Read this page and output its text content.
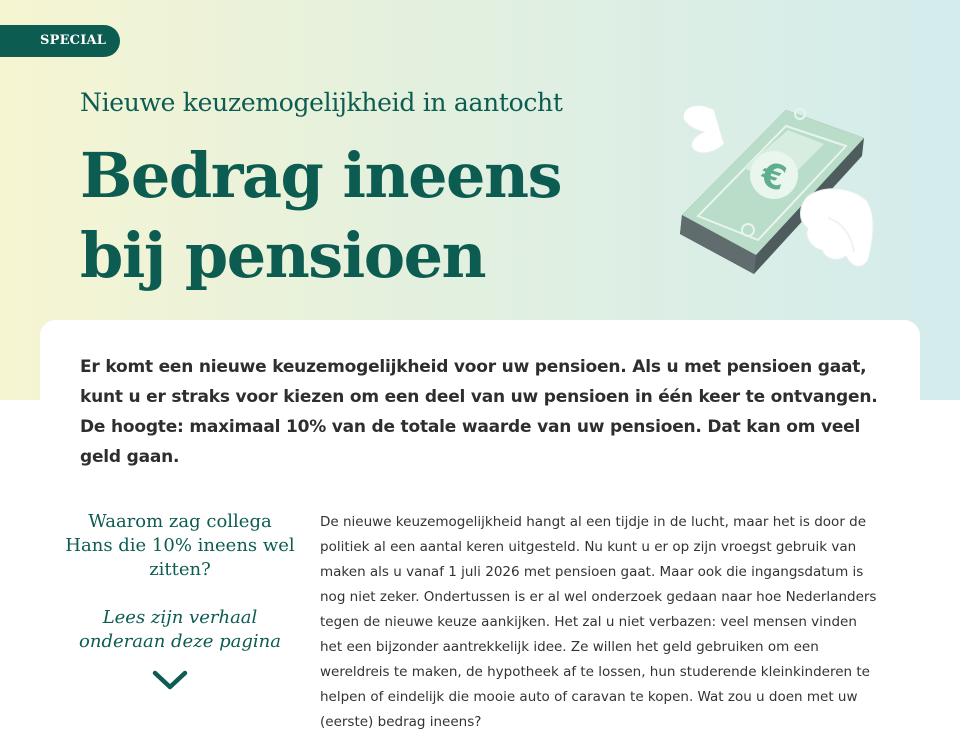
SPECIAL
Nieuwe keuzemogelijkheid in aantocht
Bedrag ineens
bij pensioen
€

Er komt een nieuwe keuzemogelijkheid voor uw pensioen. Als u met pensioen gaat, kunt u er straks voor kiezen om een deel van uw pensioen in één keer te ontvangen. De hoogte: maximaal 10% van de totale waarde van uw pensioen. Dat kan om veel geld gaan.

Waarom zag collega Hans die 10% ineens wel zitten?
Lees zijn verhaal onderaan deze pagina

De nieuwe keuzemogelijkheid hangt al een tijdje in de lucht, maar het is door de politiek al een aantal keren uitgesteld. Nu kunt u er op zijn vroegst gebruik van maken als u vanaf 1 juli 2026 met pensioen gaat. Maar ook die ingangsdatum is nog niet zeker. Ondertussen is er al wel onderzoek gedaan naar hoe Nederlanders tegen de nieuwe keuze aankijken. Het zal u niet verbazen: veel mensen vinden het een bijzonder aantrekkelijk idee. Ze willen het geld gebruiken om een wereldreis te maken, de hypotheek af te lossen, hun studerende kleinkinderen te helpen of eindelijk die mooie auto of caravan te kopen. Wat zou u doen met uw (eerste) bedrag ineens?
